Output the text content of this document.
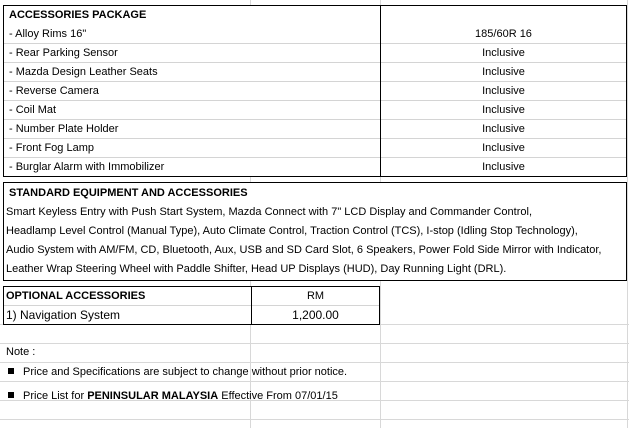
ACCESSORIES PACKAGE
- Alloy Rims 16"	185/60R 16
- Rear Parking Sensor	Inclusive
- Mazda Design Leather Seats	Inclusive
- Reverse Camera	Inclusive
- Coil Mat	Inclusive
- Number Plate Holder	Inclusive
- Front Fog Lamp	Inclusive
- Burglar Alarm with Immobilizer	Inclusive
STANDARD EQUIPMENT AND ACCESSORIES
Smart Keyless Entry with Push Start System, Mazda Connect with 7" LCD Display and Commander Control,
Headlamp Level Control (Manual Type), Auto Climate Control, Traction Control (TCS), I-stop (Idling Stop Technology),
Audio System with AM/FM, CD, Bluetooth, Aux, USB and SD Card Slot, 6 Speakers, Power Fold Side Mirror with Indicator,
Leather Wrap Steering Wheel with Paddle Shifter, Head UP Displays (HUD), Day Running Light (DRL).
OPTIONAL ACCESSORIES	RM
1) Navigation System	1,200.00
Note :
Price and Specifications are subject to change without prior notice.
Price List for PENINSULAR MALAYSIA Effective From 07/01/15
